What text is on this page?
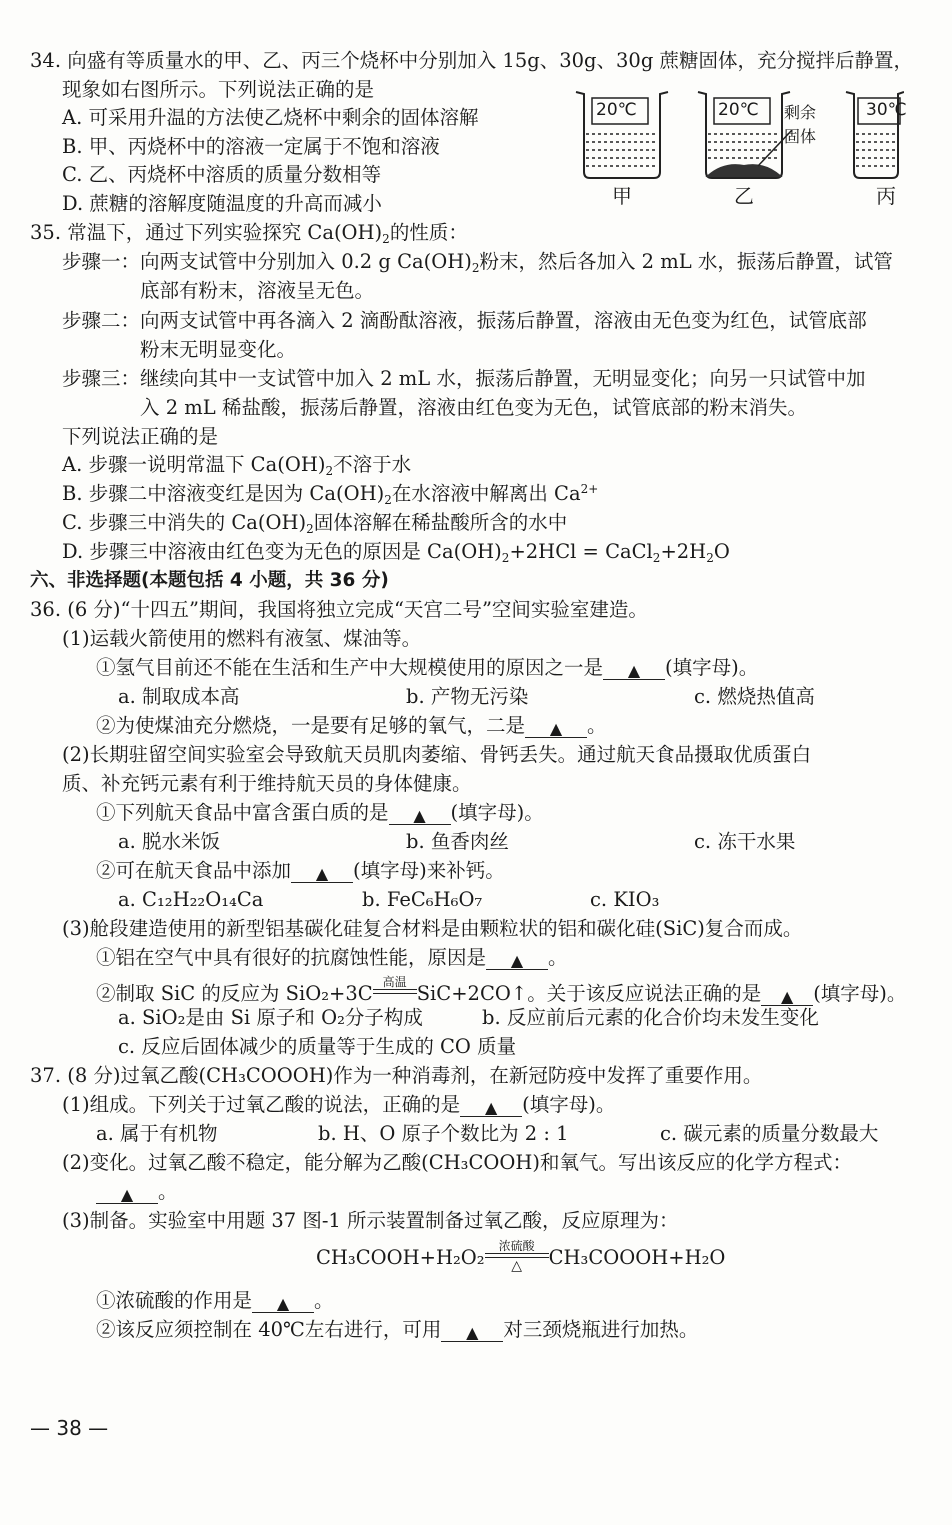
34. 向盛有等质量水的甲、乙、丙三个烧杯中分别加入 15g、30g、30g 蔗糖固体，充分搅拌后静置，
现象如右图所示。下列说法正确的是
A. 可采用升温的方法使乙烧杯中剩余的固体溶解
B. 甲、丙烧杯中的溶液一定属于不饱和溶液
C. 乙、丙烧杯中溶质的质量分数相等
D. 蔗糖的溶解度随温度的升高而减小
20℃	20℃	30℃
剩余
固体
甲	乙	丙
35. 常温下，通过下列实验探究 $Ca(OH)_2$的性质：
步骤一：向两支试管中分别加入 0.2 g $Ca(OH)_2$粉末，然后各加入 2 mL 水，振荡后静置，试管
底部有粉末，溶液呈无色。
步骤二：向两支试管中再各滴入 2 滴酚酞溶液，振荡后静置，溶液由无色变为红色，试管底部
粉末无明显变化。
步骤三：继续向其中一支试管中加入 2 mL 水，振荡后静置，无明显变化；向另一只试管中加
入 2 mL 稀盐酸，振荡后静置，溶液由红色变为无色，试管底部的粉末消失。
下列说法正确的是
A. 步骤一说明常温下 $Ca(OH)_2$不溶于水
B. 步骤二中溶液变红是因为 $Ca(OH)_2$在水溶液中解离出 $Ca^{2+}$
C. 步骤三中消失的 $Ca(OH)_2$固体溶解在稀盐酸所含的水中
D. 步骤三中溶液由红色变为无色的原因是 $Ca(OH)_2+2HCl$ = $CaCl_2+2H_2O$
六、非选择题(本题包括 4 小题，共 36 分)
36. (6 分)“十四五”期间，我国将独立完成“天宫二号”空间实验室建造。
(1)运载火箭使用的燃料有液氢、煤油等。
①氢气目前还不能在生活和生产中大规模使用的原因之一是 ▲ (填字母)。
a. 制取成本高	b. 产物无污染	c. 燃烧热值高
②为使煤油充分燃烧，一是要有足够的氧气，二是 ▲ 。
(2)长期驻留空间实验室会导致航天员肌肉萎缩、骨钙丢失。通过航天食品摄取优质蛋白
质、补充钙元素有利于维持航天员的身体健康。
①下列航天食品中富含蛋白质的是 ▲ (填字母)。
a. 脱水米饭	b. 鱼香肉丝	c. 冻干水果
②可在航天食品中添加 ▲ (填字母)来补钙。
a. C₁₂H₂₂O₁₄Ca	b. FeC₆H₆O₇	c. KIO₃
(3)舱段建造使用的新型铝基碳化硅复合材料是由颗粒状的铝和碳化硅(SiC)复合而成。
①铝在空气中具有很好的抗腐蚀性能，原因是 ▲ 。
②制取 SiC 的反应为 SiO₂+3C 高温
SiC+2CO↑。关于该反应说法正确的是 ▲ (填字母)。
a. SiO₂是由 Si 原子和 O₂分子构成	b. 反应前后元素的化合价均未发生变化
c. 反应后固体减少的质量等于生成的 CO 质量
37. (8 分)过氧乙酸(CH₃COOOH)作为一种消毒剂，在新冠防疫中发挥了重要作用。
(1)组成。下列关于过氧乙酸的说法，正确的是 ▲ (填字母)。
a. 属于有机物	b. H、O 原子个数比为 2 : 1	c. 碳元素的质量分数最大
(2)变化。过氧乙酸不稳定，能分解为乙酸(CH₃COOH)和氧气。写出该反应的化学方程式：
▲ 。
(3)制备。实验室中用题 37 图-1 所示装置制备过氧乙酸，反应原理为：
CH₃COOH+H₂O₂	浓硫酸
△	CH₃COOOH+H₂O
①浓硫酸的作用是 ▲ 。
②该反应须控制在 40℃左右进行，可用 ▲ 对三颈烧瓶进行加热。
— 38 —
